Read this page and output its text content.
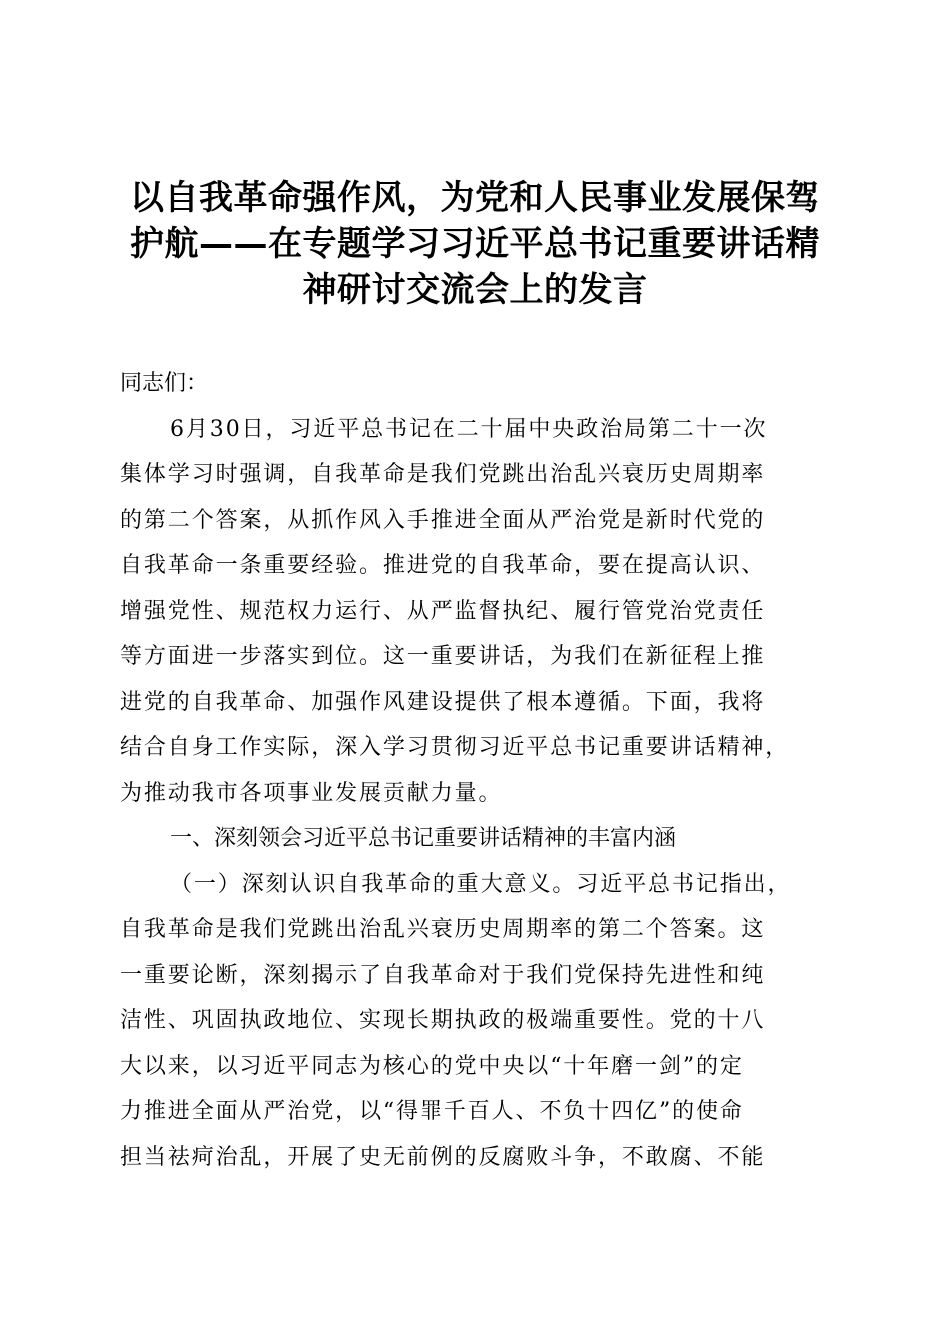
以自我革命强作风，为党和人民事业发展保驾
护航——在专题学习习近平总书记重要讲话精
神研讨交流会上的发言

同志们：

6月30日，习近平总书记在二十届中央政治局第二十一次
集体学习时强调，自我革命是我们党跳出治乱兴衰历史周期率
的第二个答案，从抓作风入手推进全面从严治党是新时代党的
自我革命一条重要经验。推进党的自我革命，要在提高认识、
增强党性、规范权力运行、从严监督执纪、履行管党治党责任
等方面进一步落实到位。这一重要讲话，为我们在新征程上推
进党的自我革命、加强作风建设提供了根本遵循。下面，我将
结合自身工作实际，深入学习贯彻习近平总书记重要讲话精神，
为推动我市各项事业发展贡献力量。
一、深刻领会习近平总书记重要讲话精神的丰富内涵
（一）深刻认识自我革命的重大意义。习近平总书记指出，
自我革命是我们党跳出治乱兴衰历史周期率的第二个答案。这
一重要论断，深刻揭示了自我革命对于我们党保持先进性和纯
洁性、巩固执政地位、实现长期执政的极端重要性。党的十八
大以来，以习近平同志为核心的党中央以“十年磨一剑”的定
力推进全面从严治党，以“得罪千百人、不负十四亿”的使命
担当祛疴治乱，开展了史无前例的反腐败斗争，不敢腐、不能
